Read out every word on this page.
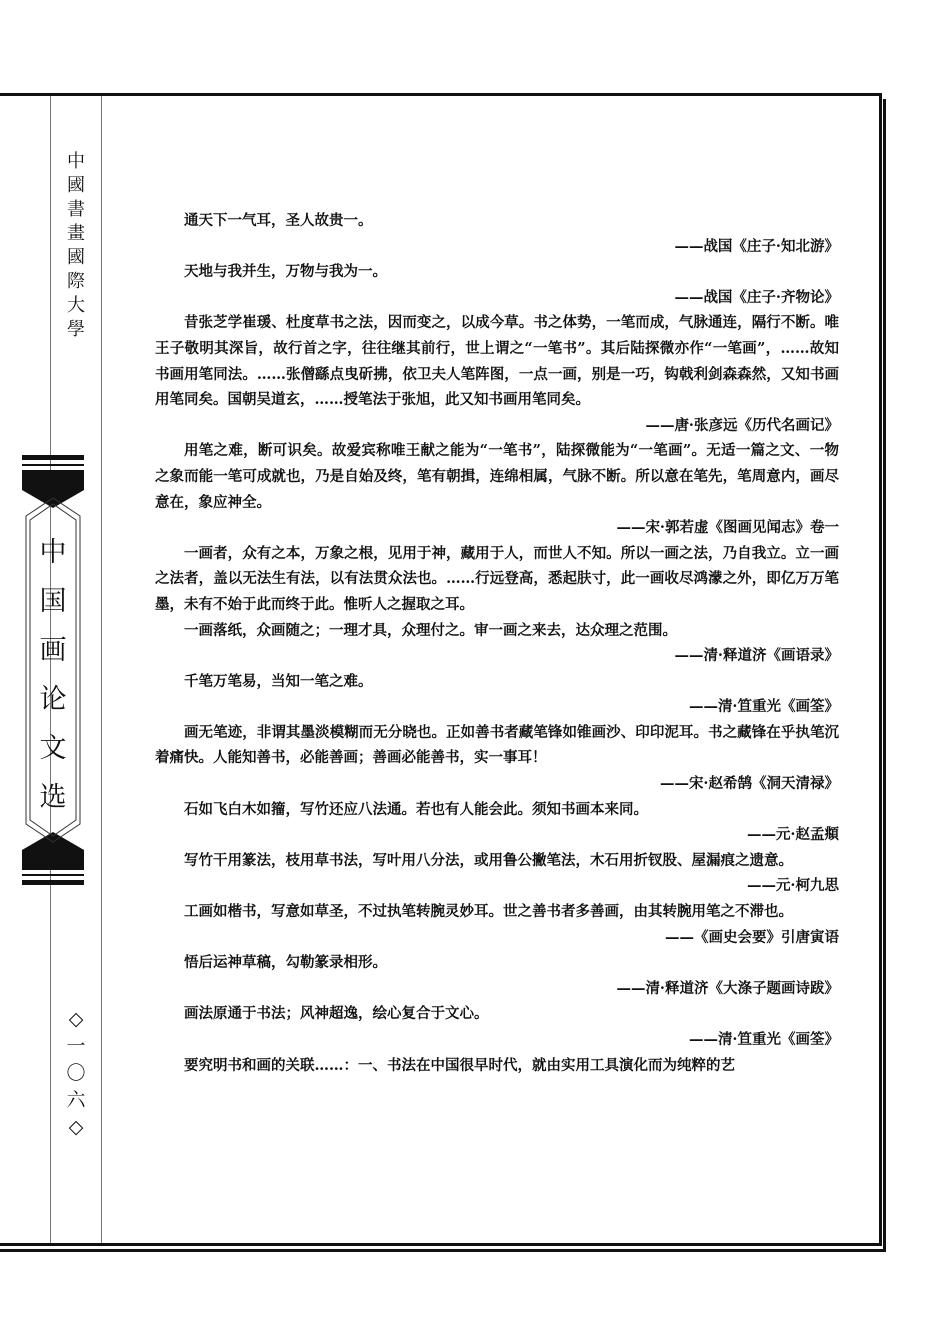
中
國
書
畫
國
際
大
學
中
国
画
论
文
选
◇
一
〇
六
◇

通天下一气耳，圣人故贵一。

——战国《庄子·知北游》

天地与我并生，万物与我为一。

——战国《庄子·齐物论》

昔张芝学崔瑗、杜度草书之法，因而变之，以成今草。书之体势，一笔而成，气脉通连，隔行不断。唯王子敬明其深旨，故行首之字，往往继其前行，世上谓之“一笔书”。其后陆探微亦作“一笔画”，……故知书画用笔同法。……张僧繇点曳斫拂，依卫夫人笔阵图，一点一画，别是一巧，钩戟利剑森森然，又知书画用笔同矣。国朝吴道玄，……授笔法于张旭，此又知书画用笔同矣。

——唐·张彦远《历代名画记》

用笔之难，断可识矣。故爱宾称唯王献之能为“一笔书”，陆探微能为“一笔画”。无适一篇之文、一物之象而能一笔可成就也，乃是自始及终，笔有朝揖，连绵相属，气脉不断。所以意在笔先，笔周意内，画尽意在，象应神全。

——宋·郭若虚《图画见闻志》卷一

一画者，众有之本，万象之根，见用于神，藏用于人，而世人不知。所以一画之法，乃自我立。立一画之法者，盖以无法生有法，以有法贯众法也。……行远登高，悉起肤寸，此一画收尽鸿濛之外，即亿万万笔墨，未有不始于此而终于此。惟听人之握取之耳。

一画落纸，众画随之；一理才具，众理付之。审一画之来去，达众理之范围。

——清·释道济《画语录》

千笔万笔易，当知一笔之难。

——清·笪重光《画筌》

画无笔迹，非谓其墨淡模糊而无分晓也。正如善书者藏笔锋如锥画沙、印印泥耳。书之藏锋在乎执笔沉着痛快。人能知善书，必能善画；善画必能善书，实一事耳！

——宋·赵希鹄《洞天清禄》

石如飞白木如籀，写竹还应八法通。若也有人能会此。须知书画本来同。

——元·赵孟頫

写竹干用篆法，枝用草书法，写叶用八分法，或用鲁公撇笔法，木石用折钗股、屋漏痕之遗意。

——元·柯九思

工画如楷书，写意如草圣，不过执笔转腕灵妙耳。世之善书者多善画，由其转腕用笔之不滞也。

——《画史会要》引唐寅语

悟后运神草稿，勾勒篆录相形。

——清·释道济《大涤子题画诗跋》

画法原通于书法；风神超逸，绘心复合于文心。

——清·笪重光《画筌》

要究明书和画的关联……：一、书法在中国很早时代，就由实用工具演化而为纯粹的艺
